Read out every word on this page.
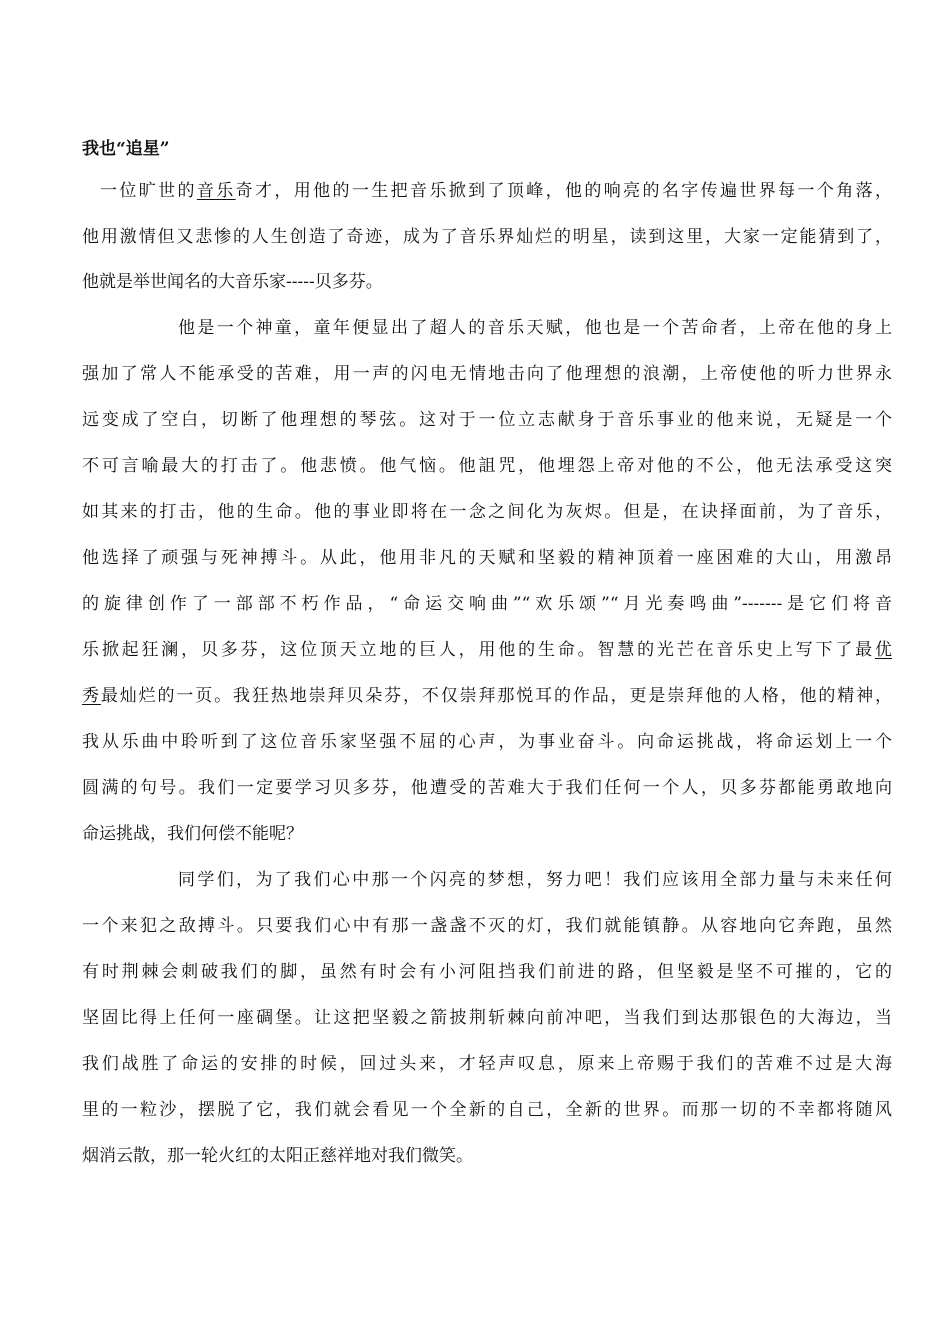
我也“追星”
一位旷世的音乐奇才，用他的一生把音乐掀到了顶峰，他的响亮的名字传遍世界每一个角落，
他用激情但又悲惨的人生创造了奇迹，成为了音乐界灿烂的明星，读到这里，大家一定能猜到了，
他就是举世闻名的大音乐家-----贝多芬。
他是一个神童，童年便显出了超人的音乐天赋，他也是一个苦命者，上帝在他的身上
强加了常人不能承受的苦难，用一声的闪电无情地击向了他理想的浪潮，上帝使他的听力世界永
远变成了空白，切断了他理想的琴弦。这对于一位立志献身于音乐事业的他来说，无疑是一个
不可言喻最大的打击了。他悲愤。他气恼。他詛咒，他埋怨上帝对他的不公，他无法承受这突
如其来的打击，他的生命。他的事业即将在一念之间化为灰烬。但是，在诀择面前，为了音乐，
他选择了顽强与死神搏斗。从此，他用非凡的天赋和坚毅的精神顶着一座困难的大山，用激昂
的旋律创作了一部部不朽作品，“命运交响曲”“欢乐颂”“月光奏鸣曲”-------是它们将音
乐掀起狂澜，贝多芬，这位顶天立地的巨人，用他的生命。智慧的光芒在音乐史上写下了最优
秀最灿烂的一页。我狂热地崇拜贝朵芬，不仅崇拜那悦耳的作品，更是崇拜他的人格，他的精神，
我从乐曲中聆听到了这位音乐家坚强不屈的心声，为事业奋斗。向命运挑战，将命运划上一个
圆满的句号。我们一定要学习贝多芬，他遭受的苦难大于我们任何一个人，贝多芬都能勇敢地向
命运挑战，我们何偿不能呢？
同学们，为了我们心中那一个闪亮的梦想，努力吧！我们应该用全部力量与未来任何
一个来犯之敌搏斗。只要我们心中有那一盏盏不灭的灯，我们就能镇静。从容地向它奔跑，虽然
有时荆棘会刺破我们的脚，虽然有时会有小河阻挡我们前进的路，但坚毅是坚不可摧的，它的
坚固比得上任何一座碉堡。让这把坚毅之箭披荆斩棘向前冲吧，当我们到达那银色的大海边，当
我们战胜了命运的安排的时候，回过头来，才轻声叹息，原来上帝赐于我们的苦难不过是大海
里的一粒沙，摆脱了它，我们就会看见一个全新的自己，全新的世界。而那一切的不幸都将随风
烟消云散，那一轮火红的太阳正慈祥地对我们微笑。
